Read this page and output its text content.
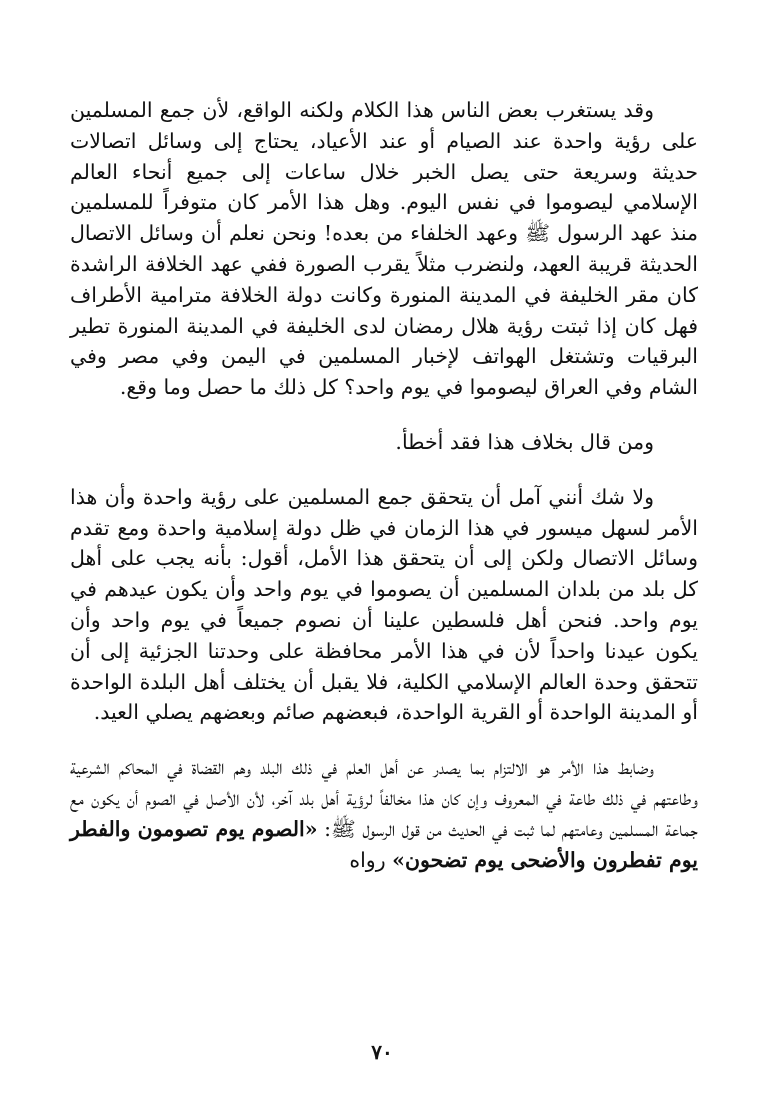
وقد يستغرب بعض الناس هذا الكلام ولكنه الواقع، لأن جمع المسلمين على رؤية واحدة عند الصيام أو عند الأعياد، يحتاج إلى وسائل اتصالات حديثة وسريعة حتى يصل الخبر خلال ساعات إلى جميع أنحاء العالم الإسلامي ليصوموا في نفس اليوم. وهل هذا الأمر كان متوفراً للمسلمين منذ عهد الرسول ﷺ وعهد الخلفاء من بعده! ونحن نعلم أن وسائل الاتصال الحديثة قريبة العهد، ولنضرب مثلاً يقرب الصورة ففي عهد الخلافة الراشدة كان مقر الخليفة في المدينة المنورة وكانت دولة الخلافة مترامية الأطراف فهل كان إذا ثبتت رؤية هلال رمضان لدى الخليفة في المدينة المنورة تطير البرقيات وتشتغل الهواتف لإخبار المسلمين في اليمن وفي مصر وفي الشام وفي العراق ليصوموا في يوم واحد؟ كل ذلك ما حصل وما وقع.

ومن قال بخلاف هذا فقد أخطأ.

ولا شك أنني آمل أن يتحقق جمع المسلمين على رؤية واحدة وأن هذا الأمر لسهل ميسور في هذا الزمان في ظل دولة إسلامية واحدة ومع تقدم وسائل الاتصال ولكن إلى أن يتحقق هذا الأمل، أقول: بأنه يجب على أهل كل بلد من بلدان المسلمين أن يصوموا في يوم واحد وأن يكون عيدهم في يوم واحد. فنحن أهل فلسطين علينا أن نصوم جميعاً في يوم واحد وأن يكون عيدنا واحداً لأن في هذا الأمر محافظة على وحدتنا الجزئية إلى أن تتحقق وحدة العالم الإسلامي الكلية، فلا يقبل أن يختلف أهل البلدة الواحدة أو المدينة الواحدة أو القرية الواحدة، فبعضهم صائم وبعضهم يصلي العيد.

وضابط هذا الأمر هو الالتزام بما يصدر عن أهل العلم في ذلك البلد وهم القضاة في المحاكم الشرعية وطاعتهم في ذلك طاعة في المعروف وإن كان هذا مخالفاً لرؤية أهل بلد آخر، لأن الأصل في الصوم أن يكون مع جماعة المسلمين وعامتهم لما ثبت في الحديث من قول الرسول ﷺ: «الصوم يوم تصومون والفطر يوم تفطرون والأضحى يوم تضحون» رواه

٧٠
